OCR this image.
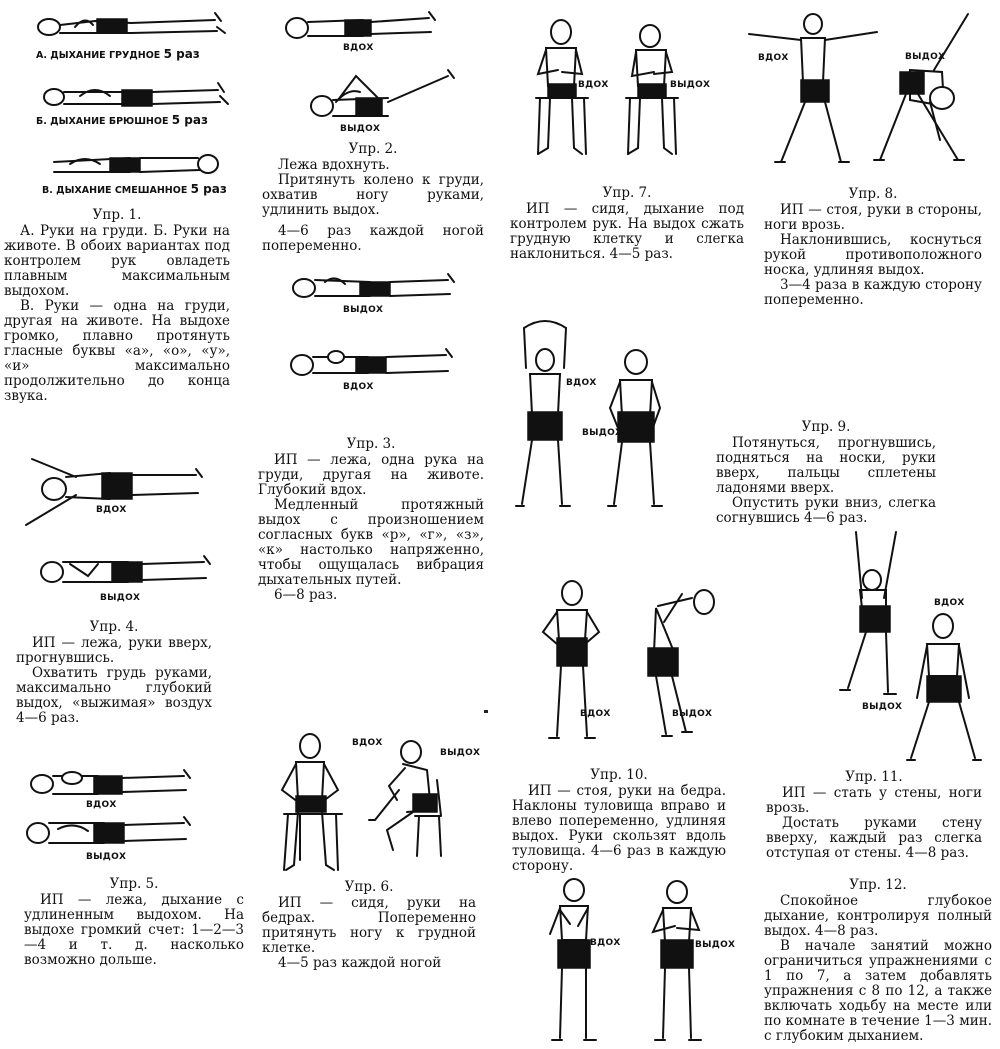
А. ДЫХАНИЕ ГРУДНОЕ 5 раз
Б. ДЫХАНИЕ БРЮШНОЕ 5 раз
В. ДЫХАНИЕ СМЕШАННОЕ 5 раз
ВДОХ
ВЫДОХ
ВЫДОХ
ВДОХ
ВДОХ
ВЫДОХ
ВДОХ
ВЫДОХ
ВДОХ
ВЫДОХ
ВДОХ	ВЫДОХ
ВДОХ	ВЫДОХ
ВДОХ
ВЫДОХ
ВДОХ	ВЫДОХ
ВДОХ
ВЫДОХ
ВДОХ	ВЫДОХ
Упр. 1.

А. Руки на груди. Б. Руки на животе. В обоих вариантах под контролем рук овладеть плавным максимальным выдохом.

В. Руки — одна на груди, другая на животе. На выдохе громко, плавно протянуть гласные буквы «а», «о», «у», «и» максимально продолжительно до конца звука.

Упр. 2.

Лежа вдохнуть.

Притянуть колено к груди, охватив ногу руками, удлинить выдох.

4—6 раз каждой ногой попеременно.

Упр. 3.

ИП — лежа, одна рука на груди, другая на животе. Глубокий вдох.

Медленный протяжный выдох с произношением согласных букв «р», «г», «з», «к» настолько напряженно, чтобы ощущалась вибрация дыхательных путей.

6—8 раз.

Упр. 4.

ИП — лежа, руки вверх, прогнувшись.

Охватить грудь руками, максимально глубокий выдох, «выжимая» воздух 4—6 раз.

Упр. 5.

ИП — лежа, дыхание с удлиненным выдохом. На выдохе громкий счет: 1—2—3—4 и т. д. насколько возможно дольше.

Упр. 6.

ИП — сидя, руки на бедрах. Попеременно притянуть ногу к грудной клетке.

4—5 раз каждой ногой

Упр. 7.

ИП — сидя, дыхание под контролем рук. На выдох сжать грудную клетку и слегка наклониться. 4—5 раз.

Упр. 8.

ИП — стоя, руки в стороны, ноги врозь.

Наклонившись, коснуться рукой противоположного носка, удлиняя выдох.

3—4 раза в каждую сторону попеременно.

Упр. 9.

Потянуться, прогнувшись, подняться на носки, руки вверх, пальцы сплетены ладонями вверх.

Опустить руки вниз, слегка согнувшись 4—6 раз.

Упр. 10.

ИП — стоя, руки на бедра. Наклоны туловища вправо и влево попеременно, удлиняя выдох. Руки скользят вдоль туловища. 4—6 раз в каждую сторону.

Упр. 11.

ИП — стать у стены, ноги врозь.

Достать руками стену вверху, каждый раз слегка отступая от стены. 4—8 раз.

Упр. 12.

Спокойное глубокое дыхание, контролируя полный выдох. 4—8 раз.

В начале занятий можно ограничиться упражнениями с 1 по 7, а затем добавлять упражнения с 8 по 12, а также включать ходьбу на месте или по комнате в течение 1—3 мин. с глубоким дыханием.
